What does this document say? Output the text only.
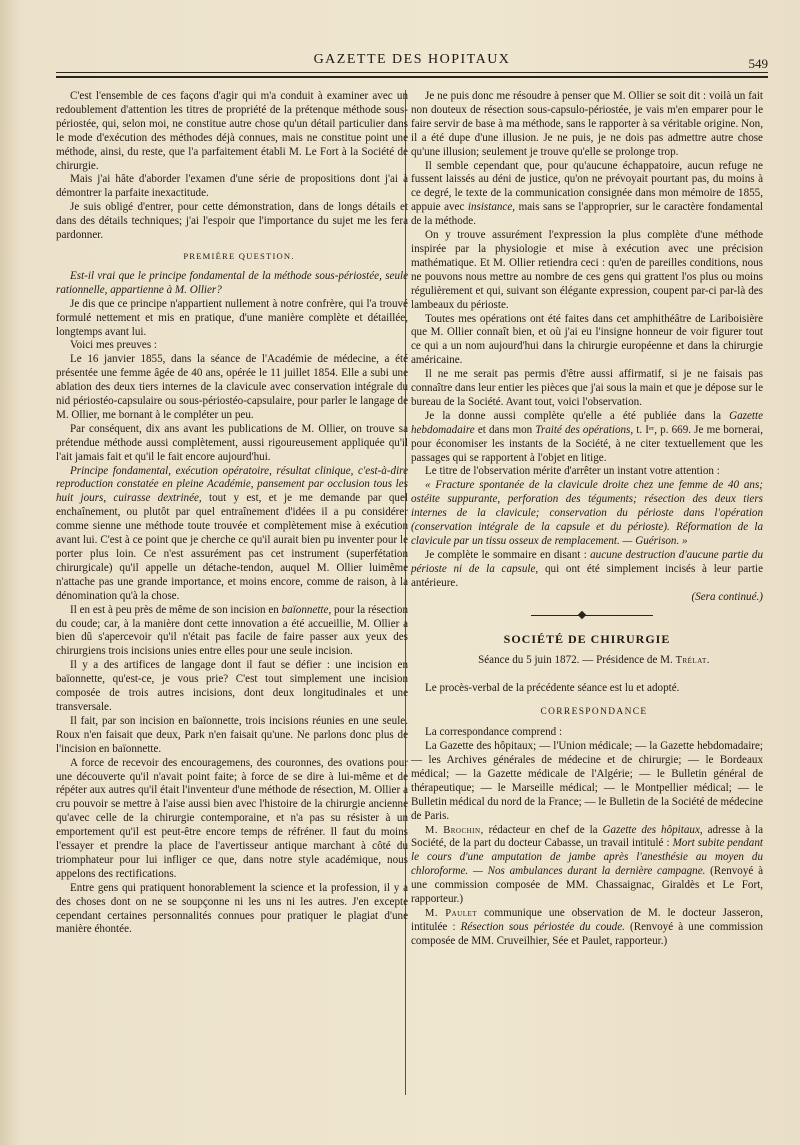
GAZETTE DES HOPITAUX	549

C'est l'ensemble de ces façons d'agir qui m'a conduit à examiner avec un redoublement d'attention les titres de propriété de la prétenque méthode sous-périostée, qui, selon moi, ne constitue autre chose qu'un détail particulier dans le mode d'exécution des méthodes déjà connues, mais ne constitue point une méthode, ainsi, du reste, que l'a parfaitement établi M. Le Fort à la Société de chirurgie.

Mais j'ai hâte d'aborder l'examen d'une série de propositions dont j'ai à démontrer la parfaite inexactitude.

Je suis obligé d'entrer, pour cette démonstration, dans de longs détails et dans des détails techniques; j'ai l'espoir que l'importance du sujet me les fera pardonner.

PREMIÈRE QUESTION.

Est-il vrai que le principe fondamental de la méthode sous-périostée, seule rationnelle, appartienne à M. Ollier?

Je dis que ce principe n'appartient nullement à notre confrère, qui l'a trouvé formulé nettement et mis en pratique, d'une manière complète et détaillée, longtemps avant lui.

Voici mes preuves :

Le 16 janvier 1855, dans la séance de l'Académie de médecine, a été présentée une femme âgée de 40 ans, opérée le 11 juillet 1854. Elle a subi une ablation des deux tiers internes de la clavicule avec conservation intégrale du nid périostéo-capsulaire ou sous-périostéo-capsulaire, pour parler le langage de M. Ollier, me bornant à le compléter un peu.

Par conséquent, dix ans avant les publications de M. Ollier, on trouve sa prétendue méthode aussi complètement, aussi rigoureusement appliquée qu'il l'ait jamais fait et qu'il le fait encore aujourd'hui.

Principe fondamental, exécution opératoire, résultat clinique, c'est-à-dire reproduction constatée en pleine Académie, pansement par occlusion tous les huit jours, cuirasse dextrinée, tout y est, et je me demande par quel enchaînement, ou plutôt par quel entraînement d'idées il a pu considérer comme sienne une méthode toute trouvée et complètement mise à exécution avant lui. C'est à ce point que je cherche ce qu'il aurait bien pu inventer pour le porter plus loin. Ce n'est assurément pas cet instrument (superfétation chirurgicale) qu'il appelle un détache-tendon, auquel M. Ollier luimême n'attache pas une grande importance, et moins encore, comme de raison, à la dénomination qu'à la chose.

Il en est à peu près de même de son incision en baïonnette, pour la résection du coude; car, à la manière dont cette innovation a été accueillie, M. Ollier a bien dû s'apercevoir qu'il n'était pas facile de faire passer aux yeux des chirurgiens trois incisions unies entre elles pour une seule incision.

Il y a des artifices de langage dont il faut se défier : une incision en baïonnette, qu'est-ce, je vous prie? C'est tout simplement une incision composée de trois autres incisions, dont deux longitudinales et une transversale.

Il fait, par son incision en baïonnette, trois incisions réunies en une seule. Roux n'en faisait que deux, Park n'en faisait qu'une. Ne parlons donc plus de l'incision en baïonnette.

A force de recevoir des encouragemens, des couronnes, des ovations pour une découverte qu'il n'avait point faite; à force de se dire à lui-même et de répéter aux autres qu'il était l'inventeur d'une méthode de résection, M. Ollier a cru pouvoir se mettre à l'aise aussi bien avec l'histoire de la chirurgie ancienne qu'avec celle de la chirurgie contemporaine, et n'a pas su résister à un emportement qu'il est peut-être encore temps de réfréner. Il faut du moins l'essayer et prendre la place de l'avertisseur antique marchant à côté du triomphateur pour lui infliger ce que, dans notre style académique, nous appelons des rectifications.

Entre gens qui pratiquent honorablement la science et la profession, il y a des choses dont on ne se soupçonne ni les uns ni les autres. J'en excepte cependant certaines personnalités connues pour pratiquer le plagiat d'une manière éhontée.

Je ne puis donc me résoudre à penser que M. Ollier se soit dit : voilà un fait non douteux de résection sous-capsulo-périostée, je vais m'en emparer pour le faire servir de base à ma méthode, sans le rapporter à sa véritable origine. Non, il a été dupe d'une illusion. Je ne puis, je ne dois pas admettre autre chose qu'une illusion; seulement je trouve qu'elle se prolonge trop.

Il semble cependant que, pour qu'aucune échappatoire, aucun refuge ne fussent laissés au déni de justice, qu'on ne prévoyait pourtant pas, du moins à ce degré, le texte de la communication consignée dans mon mémoire de 1855, appuie avec insistance, mais sans se l'approprier, sur le caractère fondamental de la méthode.

On y trouve assurément l'expression la plus complète d'une méthode inspirée par la physiologie et mise à exécution avec une précision mathématique. Et M. Ollier retiendra ceci : qu'en de pareilles conditions, nous ne pouvons nous mettre au nombre de ces gens qui grattent l'os plus ou moins régulièrement et qui, suivant son élégante expression, coupent par-ci par-là des lambeaux du périoste.

Toutes mes opérations ont été faites dans cet amphithéâtre de Lariboisière que M. Ollier connaît bien, et où j'ai eu l'insigne honneur de voir figurer tout ce qui a un nom aujourd'hui dans la chirurgie européenne et dans la chirurgie américaine.

Il ne me serait pas permis d'être aussi affirmatif, si je ne faisais pas connaître dans leur entier les pièces que j'ai sous la main et que je dépose sur le bureau de la Société. Avant tout, voici l'observation.

Je la donne aussi complète qu'elle a été publiée dans la Gazette hebdomadaire et dans mon Traité des opérations, t. Iᵉʳ, p. 669. Je me bornerai, pour économiser les instants de la Société, à ne citer textuellement que les passages qui se rapportent à l'objet en litige.

Le titre de l'observation mérite d'arrêter un instant votre attention :

« Fracture spontanée de la clavicule droite chez une femme de 40 ans; ostéite suppurante, perforation des téguments; résection des deux tiers internes de la clavicule; conservation du périoste dans l'opération (conservation intégrale de la capsule et du périoste). Réformation de la clavicule par un tissu osseux de remplacement. — Guérison. »

Je complète le sommaire en disant : aucune destruction d'aucune partie du périoste ni de la capsule, qui ont été simplement incisés à leur partie antérieure.

(Sera continué.)

SOCIÉTÉ DE CHIRURGIE

Séance du 5 juin 1872. — Présidence de M. Trélat.

Le procès-verbal de la précédente séance est lu et adopté.

CORRESPONDANCE

La correspondance comprend :

La Gazette des hôpitaux; — l'Union médicale; — la Gazette hebdomadaire; — les Archives générales de médecine et de chirurgie; — le Bordeaux médical; — la Gazette médicale de l'Algérie; — le Bulletin général de thérapeutique; — le Marseille médical; — le Montpellier médical; — le Bulletin médical du nord de la France; — le Bulletin de la Société de médecine de Paris.

M. Brochin, rédacteur en chef de la Gazette des hôpitaux, adresse à la Société, de la part du docteur Cabasse, un travail intitulé : Mort subite pendant le cours d'une amputation de jambe après l'anesthésie au moyen du chloroforme. — Nos ambulances durant la dernière campagne. (Renvoyé à une commission composée de MM. Chassaignac, Giraldès et Le Fort, rapporteur.)

M. Paulet communique une observation de M. le docteur Jasseron, intitulée : Résection sous périostée du coude. (Renvoyé à une commission composée de MM. Cruveilhier, Sée et Paulet, rapporteur.)
